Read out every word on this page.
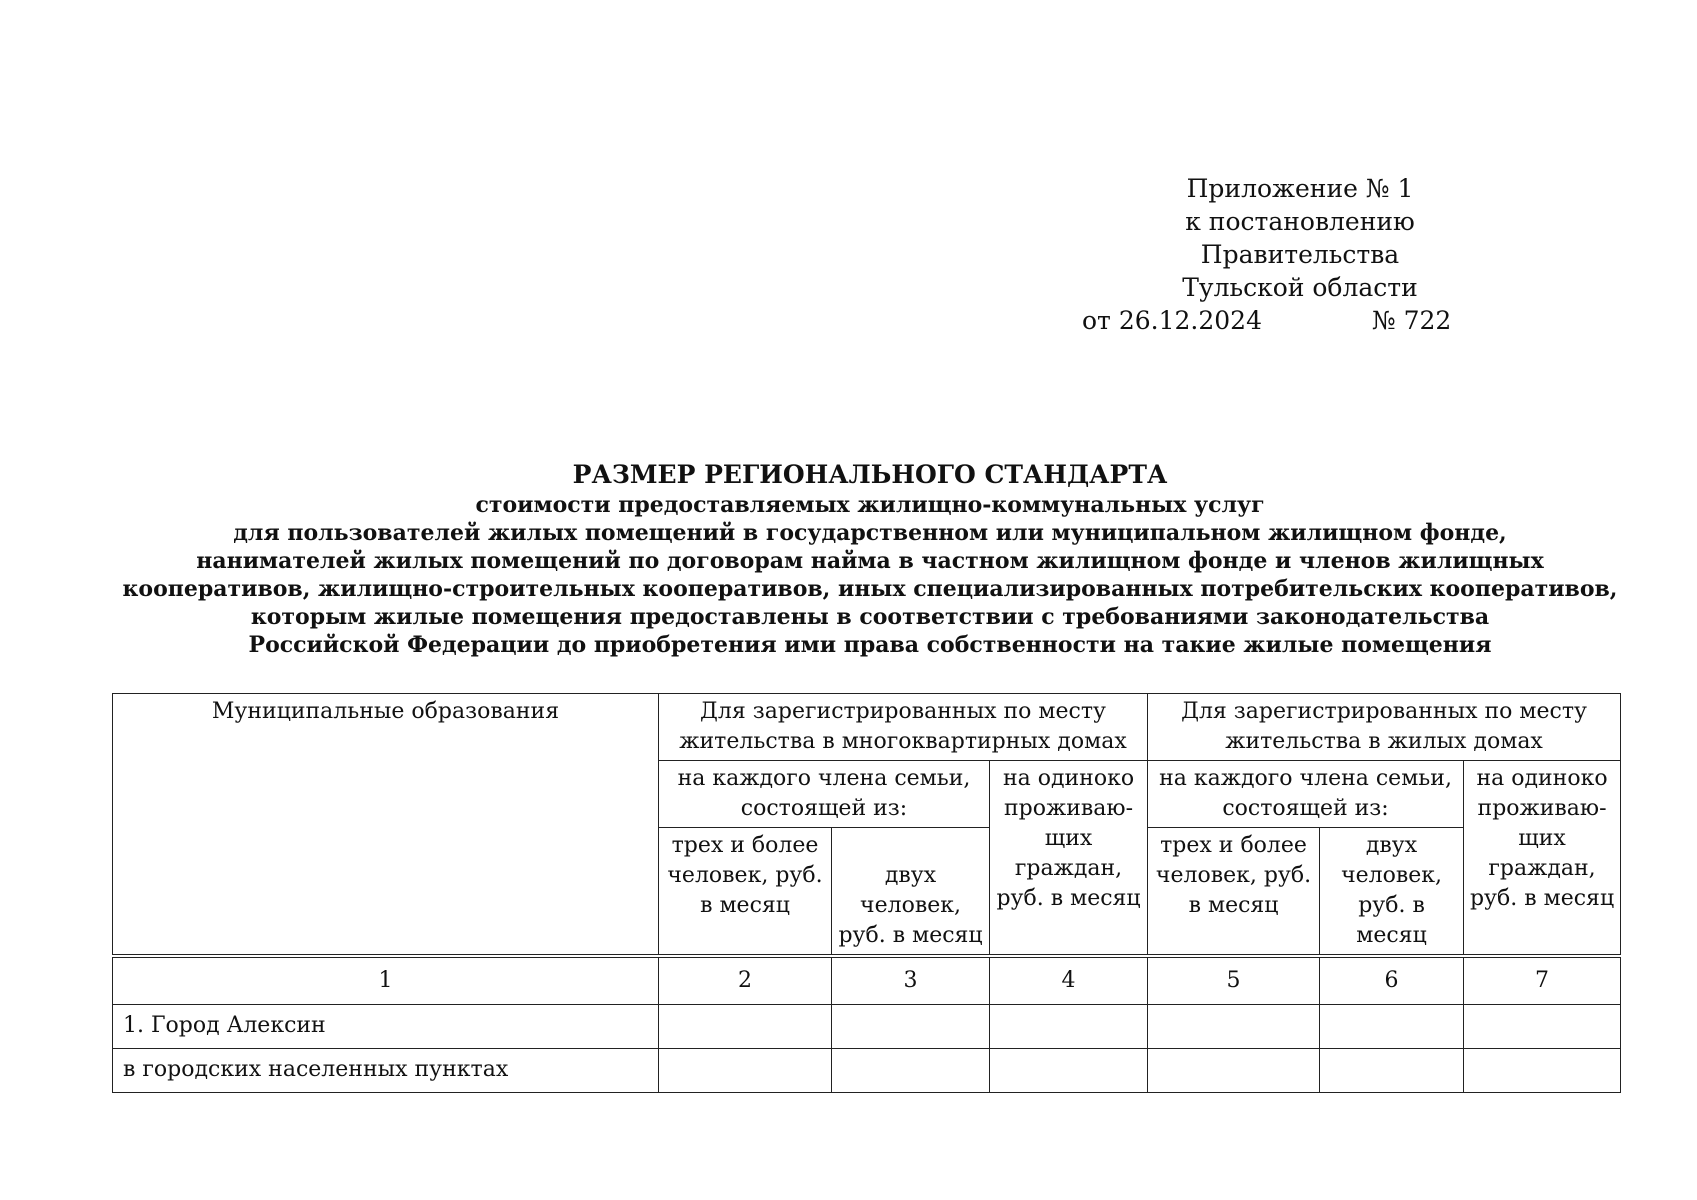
Приложение № 1
к постановлению Правительства
Тульской области
от 26.12.2024	№ 722
РАЗМЕР РЕГИОНАЛЬНОГО СТАНДАРТА
стоимости предоставляемых жилищно-коммунальных услуг
для пользователей жилых помещений в государственном или муниципальном жилищном фонде,
нанимателей жилых помещений по договорам найма в частном жилищном фонде и членов жилищных
кооперативов, жилищно-строительных кооперативов, иных специализированных потребительских кооперативов,
которым жилые помещения предоставлены в соответствии с требованиями законодательства
Российской Федерации до приобретения ими права собственности на такие жилые помещения
Муниципальные образования	Для зарегистрированных по месту жительства в многоквартирных домах			Для зарегистрированных по месту жительства в жилых домах		
	на каждого члена семьи, состоящей из:		на одиноко проживаю-щих граждан, руб. в месяц	на каждого члена семьи, состоящей из:		на одиноко проживаю-щих граждан, руб. в месяц
	трех и более человек, руб. в месяц	двух человек, руб. в месяц		трех и более человек, руб. в месяц	двух человек, руб. в месяц	
1	2	3	4	5	6	7
1. Город Алексин						
в городских населенных пунктах						
